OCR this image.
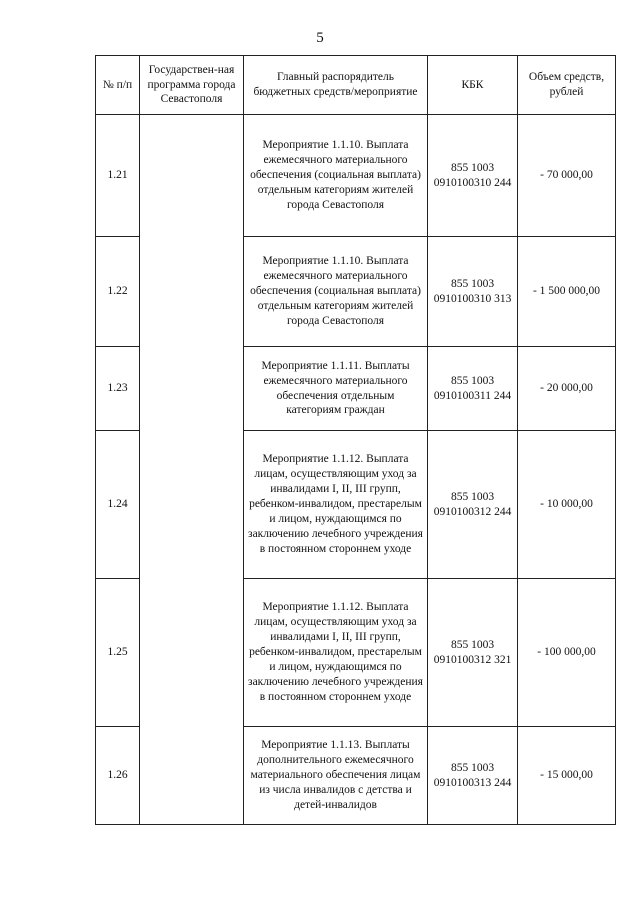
5
№ п/п	Государствен-ная программа города Севастополя	Главный распорядитель бюджетных средств/мероприятие	КБК	Объем средств, рублей
1.21		Мероприятие 1.1.10. Выплата ежемесячного материального обеспечения (социальная выплата) отдельным категориям жителей города Севастополя	855 1003 0910100310 244	- 70 000,00
1.22		Мероприятие 1.1.10. Выплата ежемесячного материального обеспечения (социальная выплата) отдельным категориям жителей города Севастополя	855 1003 0910100310 313	- 1 500 000,00
1.23		Мероприятие 1.1.11. Выплаты ежемесячного материального обеспечения отдельным категориям граждан	855 1003 0910100311 244	- 20 000,00
1.24		Мероприятие 1.1.12. Выплата лицам, осуществляющим уход за инвалидами I, II, III групп, ребенком-инвалидом, престарелым и лицом, нуждающимся по заключению лечебного учреждения в постоянном стороннем уходе	855 1003 0910100312 244	- 10 000,00
1.25		Мероприятие 1.1.12. Выплата лицам, осуществляющим уход за инвалидами I, II, III групп, ребенком-инвалидом, престарелым и лицом, нуждающимся по заключению лечебного учреждения в постоянном стороннем уходе	855 1003 0910100312 321	- 100 000,00
1.26		Мероприятие 1.1.13. Выплаты дополнительного ежемесячного материального обеспечения лицам из числа инвалидов с детства и детей-инвалидов	855 1003 0910100313 244	- 15 000,00
